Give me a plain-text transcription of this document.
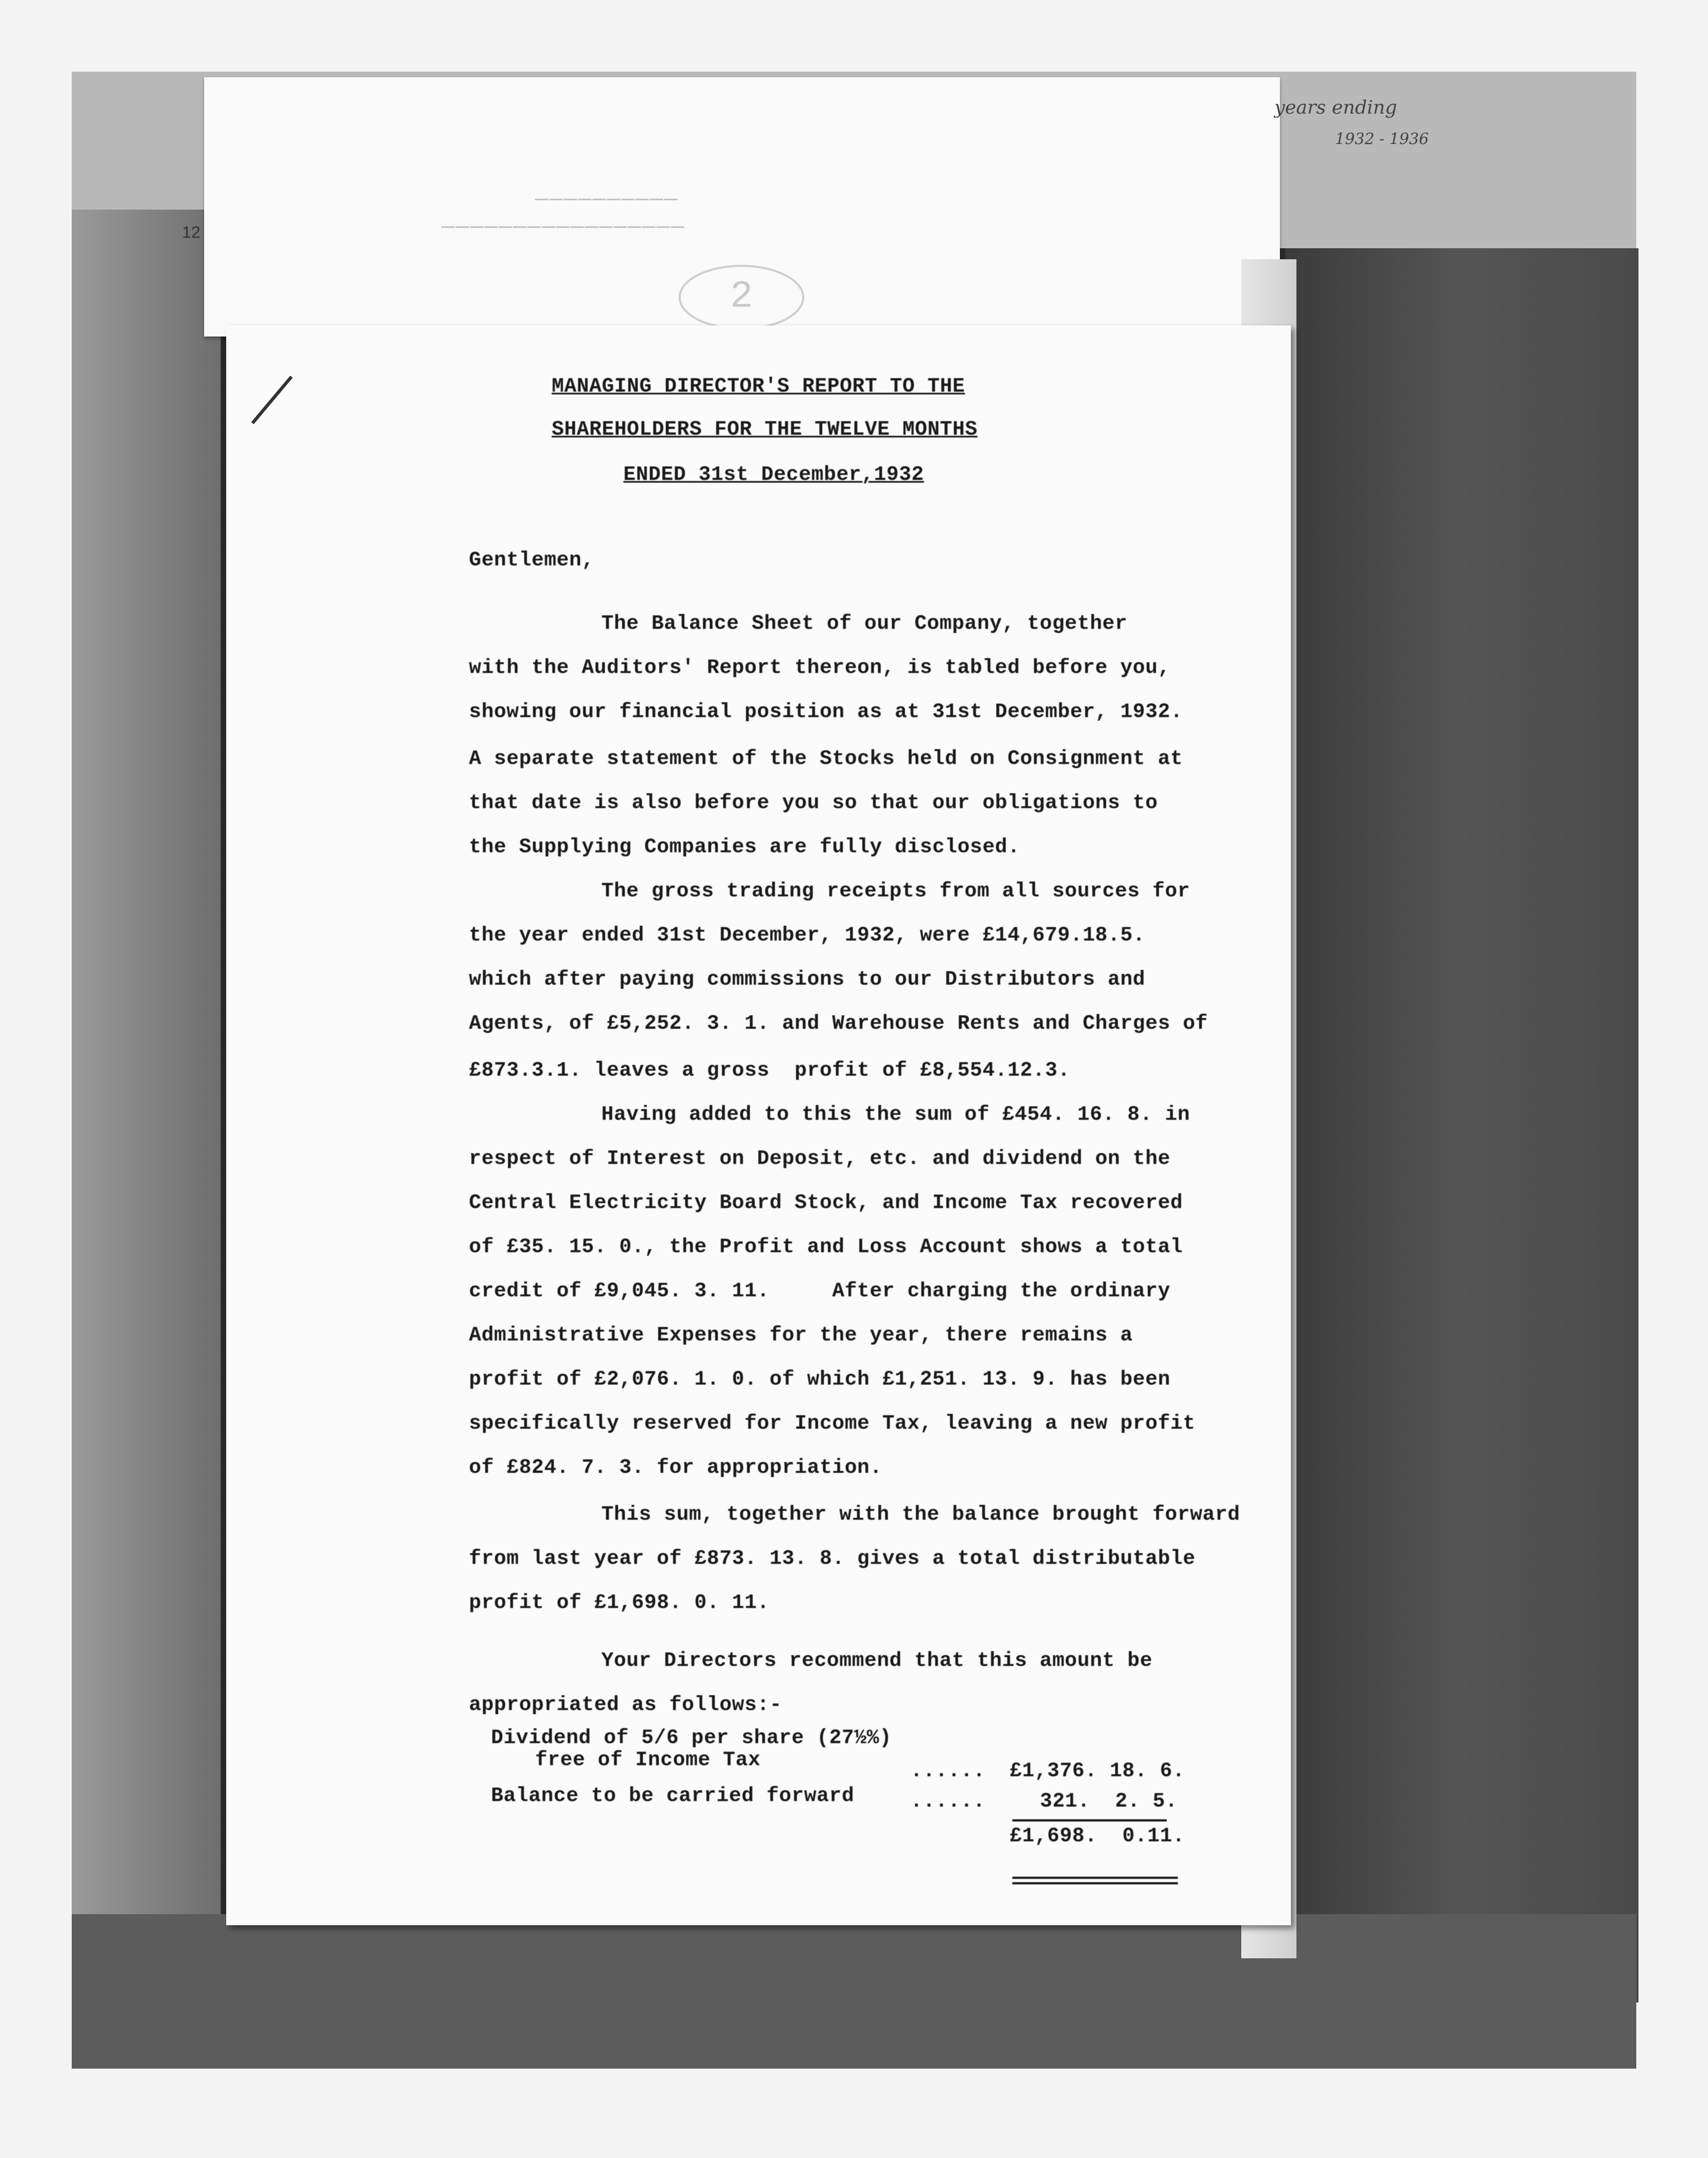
12
——————————
—————————————————
2
years ending
1932 - 1936
MANAGING DIRECTOR'S REPORT TO THE
SHAREHOLDERS FOR THE TWELVE MONTHS
ENDED 31st December,1932
Gentlemen,
The Balance Sheet of our Company, together
with the Auditors' Report thereon, is tabled before you,
showing our financial position as at 31st December, 1932.
A separate statement of the Stocks held on Consignment at
that date is also before you so that our obligations to
the Supplying Companies are fully disclosed.
The gross trading receipts from all sources for
the year ended 31st December, 1932, were £14,679.18.5.
which after paying commissions to our Distributors and
Agents, of £5,252. 3. 1. and Warehouse Rents and Charges of
£873.3.1. leaves a gross  profit of £8,554.12.3.
Having added to this the sum of £454. 16. 8. in
respect of Interest on Deposit, etc. and dividend on the
Central Electricity Board Stock, and Income Tax recovered
of £35. 15. 0., the Profit and Loss Account shows a total
credit of £9,045. 3. 11.     After charging the ordinary
Administrative Expenses for the year, there remains a
profit of £2,076. 1. 0. of which £1,251. 13. 9. has been
specifically reserved for Income Tax, leaving a new profit
of £824. 7. 3. for appropriation.
This sum, together with the balance brought forward
from last year of £873. 13. 8. gives a total distributable
profit of £1,698. 0. 11.
Your Directors recommend that this amount be
appropriated as follows:-
Dividend of 5/6 per share (27½%)
free of Income Tax	...... £1,376. 18. 6.
Balance to be carried forward	......	321.  2. 5.
£1,698.  0.11.
